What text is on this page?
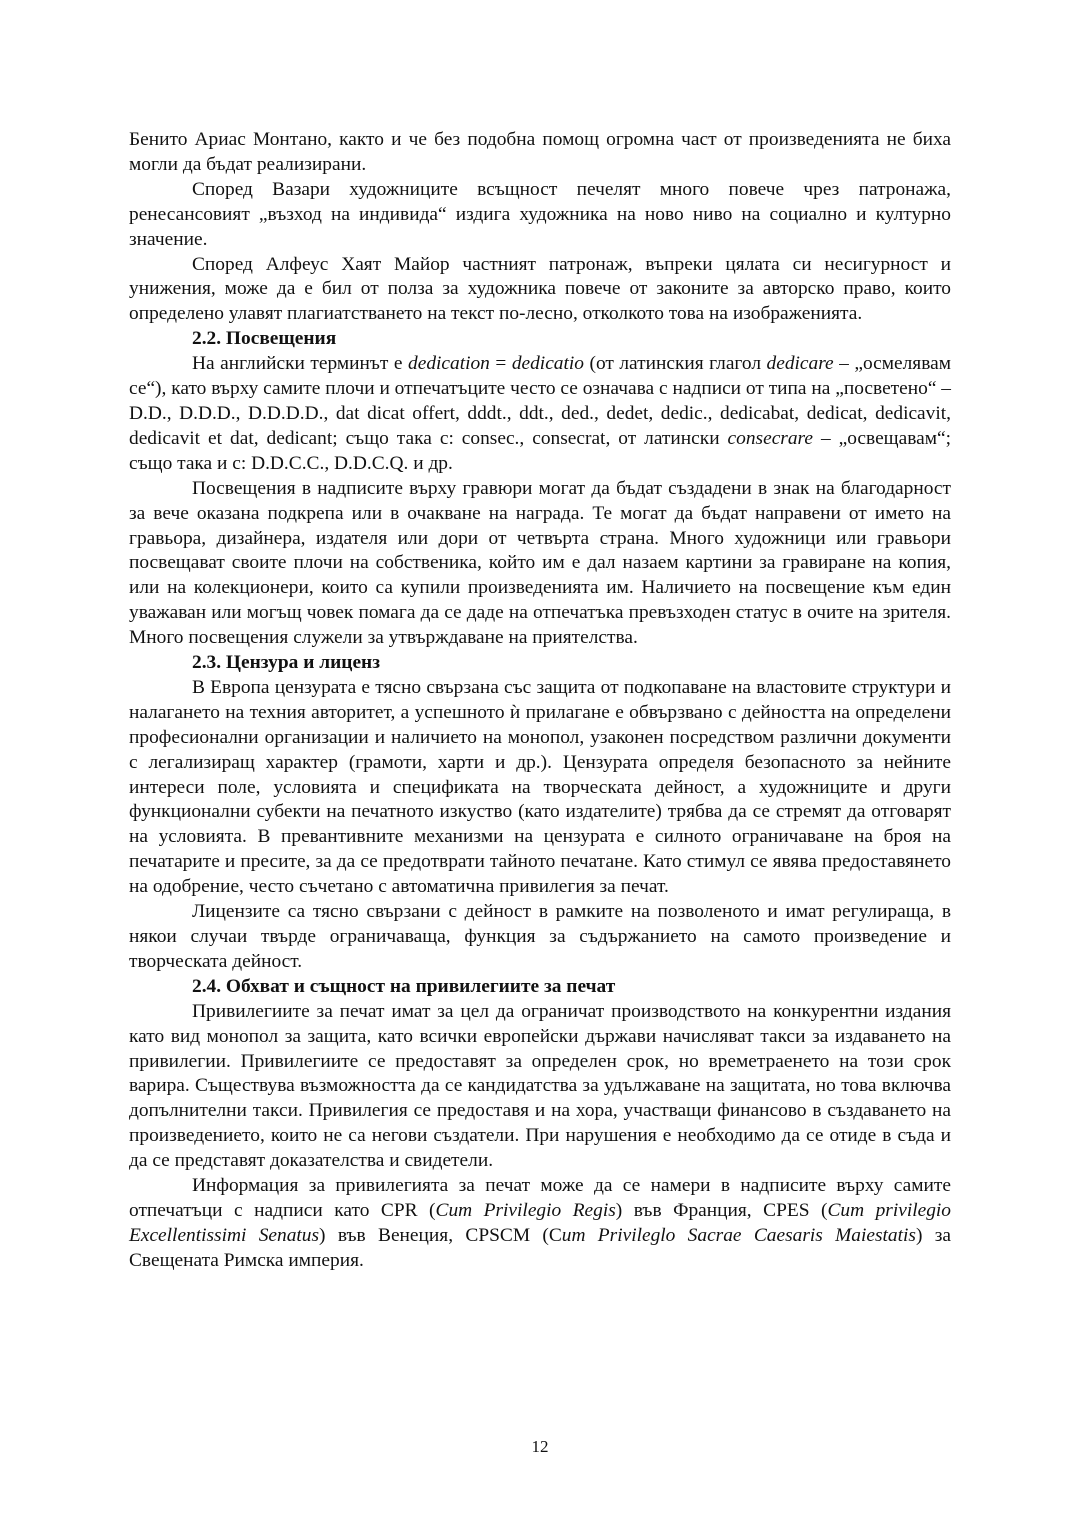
Бенито Ариас Монтано, както и че без подобна помощ огромна част от произведенията не биха могли да бъдат реализирани.

Според Вазари художниците всъщност печелят много повече чрез патронажа, ренесансовият „възход на индивида“ издига художника на ново ниво на социално и културно значение.

Според Алфеус Хаят Майор частният патронаж, въпреки цялата си несигурност и унижения, може да е бил от полза за художника повече от законите за авторско право, които определено улавят плагиатстването на текст по-лесно, отколкото това на изображенията.

2.2. Посвещения

На английски терминът е dedication = dedicatio (от латинския глагол dedicare – „осмелявам се“), като върху самите плочи и отпечатъците често се означава с надписи от типа на „посветено“ – D.D., D.D.D., D.D.D.D., dat dicat offert, dddt., ddt., ded., dedet, dedic., dedicabat, dedicat, dedicavit, dedicavit et dat, dedicant; също така с: consec., consecrat, от латински consecrare – „освещавам“; също така и с: D.D.C.C., D.D.C.Q. и др.

Посвещения в надписите върху гравюри могат да бъдат създадени в знак на благодарност за вече оказана подкрепа или в очакване на награда. Те могат да бъдат направени от името на гравьора, дизайнера, издателя или дори от четвърта страна. Много художници или гравьори посвещават своите плочи на собственика, който им е дал назаем картини за гравиране на копия, или на колекционери, които са купили произведенията им. Наличието на посвещение към един уважаван или могъщ човек помага да се даде на отпечатъка превъзходен статус в очите на зрителя. Много посвещения служели за утвърждаване на приятелства.

2.3. Цензура и лиценз

В Европа цензурата е тясно свързана със защита от подкопаване на властовите структури и налагането на техния авторитет, а успешното ѝ прилагане е обвързвано с дейността на определени професионални организации и наличието на монопол, узаконен посредством различни документи с легализиращ характер (грамоти, харти и др.). Цензурата определя безопасното за нейните интереси поле, условията и спецификата на творческата дейност, а художниците и други функционални субекти на печатното изкуство (като издателите) трябва да се стремят да отговарят на условията. В превантивните механизми на цензурата е силното ограничаване на броя на печатарите и пресите, за да се предотврати тайното печатане. Като стимул се явява предоставянето на одобрение, често съчетано с автоматична привилегия за печат.

Лицензите са тясно свързани с дейност в рамките на позволеното и имат регулираща, в някои случаи твърде ограничаваща, функция за съдържанието на самото произведение и творческата дейност.

2.4. Обхват и същност на привилегиите за печат

Привилегиите за печат имат за цел да ограничат производството на конкурентни издания като вид монопол за защита, като всички европейски държави начисляват такси за издаването на привилегии. Привилегиите се предоставят за определен срок, но времетраенето на този срок варира. Съществува възможността да се кандидатства за удължаване на защитата, но това включва допълнителни такси. Привилегия се предоставя и на хора, участващи финансово в създаването на произведението, които не са негови създатели. При нарушения е необходимо да се отиде в съда и да се представят доказателства и свидетели.

Информация за привилегията за печат може да се намери в надписите върху самите отпечатъци с надписи като CPR (Cum Privilegio Regis) във Франция, CPES (Cum privilegio Excellentissimi Senatus) във Венеция, CPSCM (Cum Privileglo Sacrae Caesaris Maiestatis) за Свещената Римска империя.

12
